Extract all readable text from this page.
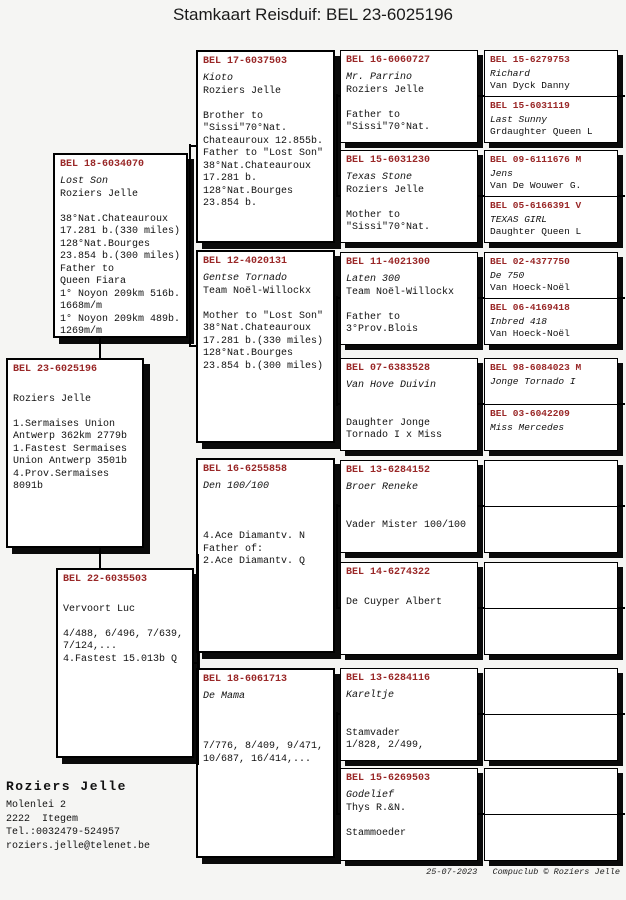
Stamkaart Reisduif: BEL 23-6025196
BEL 23-6025196
Roziers Jelle
1.Sermaises Union
Antwerp 362km 2779b
1.Fastest Sermaises
Union Antwerp 3501b
4.Prov.Sermaises
8091b
BEL 18-6034070
Lost Son
Roziers Jelle
38°Nat.Chateauroux
17.281 b.(330 miles)
128°Nat.Bourges
23.854 b.(300 miles)
Father to
Queen Fiara
1° Noyon 209km 516b.
1668m/m
1° Noyon 209km 489b.
1269m/m
BEL 22-6035503
Vervoort Luc
4/488, 6/496, 7/639,
7/124,...
4.Fastest 15.013b Q
BEL 17-6037503
Kioto
Roziers Jelle
Brother to
"Sissi"70°Nat.
Chateauroux 12.855b.
Father to "Lost Son"
38°Nat.Chateauroux
17.281 b.
128°Nat.Bourges
23.854 b.
BEL 12-4020131
Gentse Tornado
Team Noël-Willockx
Mother to "Lost Son"
38°Nat.Chateauroux
17.281 b.(330 miles)
128°Nat.Bourges
23.854 b.(300 miles)
BEL 16-6255858
Den 100/100
4.Ace Diamantv. N
Father of:
2.Ace Diamantv. Q
BEL 18-6061713
De Mama
7/776, 8/409, 9/471,
10/687, 16/414,...
BEL 16-6060727
Mr. Parrino
Roziers Jelle
Father to
"Sissi"70°Nat.
BEL 15-6031230
Texas Stone
Roziers Jelle
Mother to
"Sissi"70°Nat.
BEL 11-4021300
Laten 300
Team Noël-Willockx
Father to
3°Prov.Blois
BEL 07-6383528
Van Hove Duivin
Daughter Jonge
Tornado I x Miss
BEL 13-6284152
Broer Reneke
Vader Mister 100/100
BEL 14-6274322
De Cuyper Albert
BEL 13-6284116
Kareltje
Stamvader
1/828, 2/499,
BEL 15-6269503
Godelief
Thys R.&N.
Stammoeder
BEL 15-6279753
Richard
Van Dyck Danny
BEL 15-6031119
Last Sunny
Grdaughter Queen L
BEL 09-6111676 M
Jens
Van De Wouwer G.
BEL 05-6166391 V
TEXAS GIRL
Daughter Queen L
BEL 02-4377750
De 750
Van Hoeck-Noël
BEL 06-4169418
Inbred 418
Van Hoeck-Noël
BEL 98-6084023 M
Jonge Tornado I
BEL 03-6042209
Miss Mercedes
Roziers Jelle
Molenlei 2
2222  Itegem
Tel.:0032479-524957
roziers.jelle@telenet.be
25-07-2023   Compuclub © Roziers Jelle
